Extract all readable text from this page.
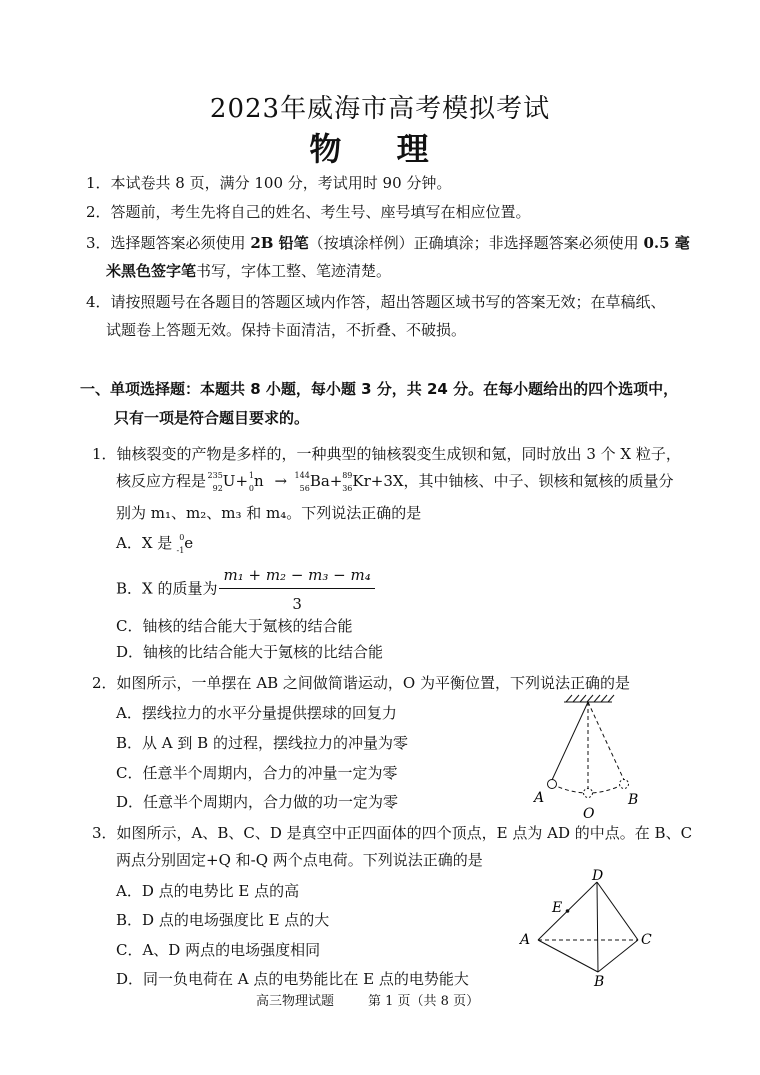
2023年威海市高考模拟考试
物 理
1．本试卷共 8 页，满分 100 分，考试用时 90 分钟。
2．答题前，考生先将自己的姓名、考生号、座号填写在相应位置。
3．选择题答案必须使用 2B 铅笔（按填涂样例）正确填涂；非选择题答案必须使用 0.5 毫
米黑色签字笔书写，字体工整、笔迹清楚。
4．请按照题号在各题目的答题区域内作答，超出答题区域书写的答案无效；在草稿纸、
试题卷上答题无效。保持卡面清洁，不折叠、不破损。
一、单项选择题：本题共 8 小题，每小题 3 分，共 24 分。在每小题给出的四个选项中，
只有一项是符合题目要求的。
1．铀核裂变的产物是多样的，一种典型的铀核裂变生成钡和氪，同时放出 3 个 X 粒子，
核反应方程是 235
92 U+ 1
0 n → 144
56 Ba+ 89
36 Kr+3X，其中铀核、中子、钡核和氪核的质量分
别为 m₁、m₂、m₃ 和 m₄。下列说法正确的是
A．X 是 0
-1 e
B．X 的质量为 $\frac{\text{m₁ + m₂ − m₃ − m₄}}{3}$
C．铀核的结合能大于氪核的结合能
D．铀核的比结合能大于氪核的比结合能
2．如图所示，一单摆在 AB 之间做简谐运动，O 为平衡位置，下列说法正确的是
A．摆线拉力的水平分量提供摆球的回复力
B．从 A 到 B 的过程，摆线拉力的冲量为零
C．任意半个周期内，合力的冲量一定为零
D．任意半个周期内，合力做的功一定为零	A
O
B
3．如图所示，A、B、C、D 是真空中正四面体的四个顶点，E 点为 AD 的中点。在 B、C
两点分别固定+Q 和-Q 两个点电荷。下列说法正确的是
A．D 点的电势比 E 点的高
B．D 点的电场强度比 E 点的大
C．A、D 两点的电场强度相同
D．同一负电荷在 A 点的电势能比在 E 点的电势能大
D
E
A	C
B
高三物理试题	第 1 页（共 8 页）
